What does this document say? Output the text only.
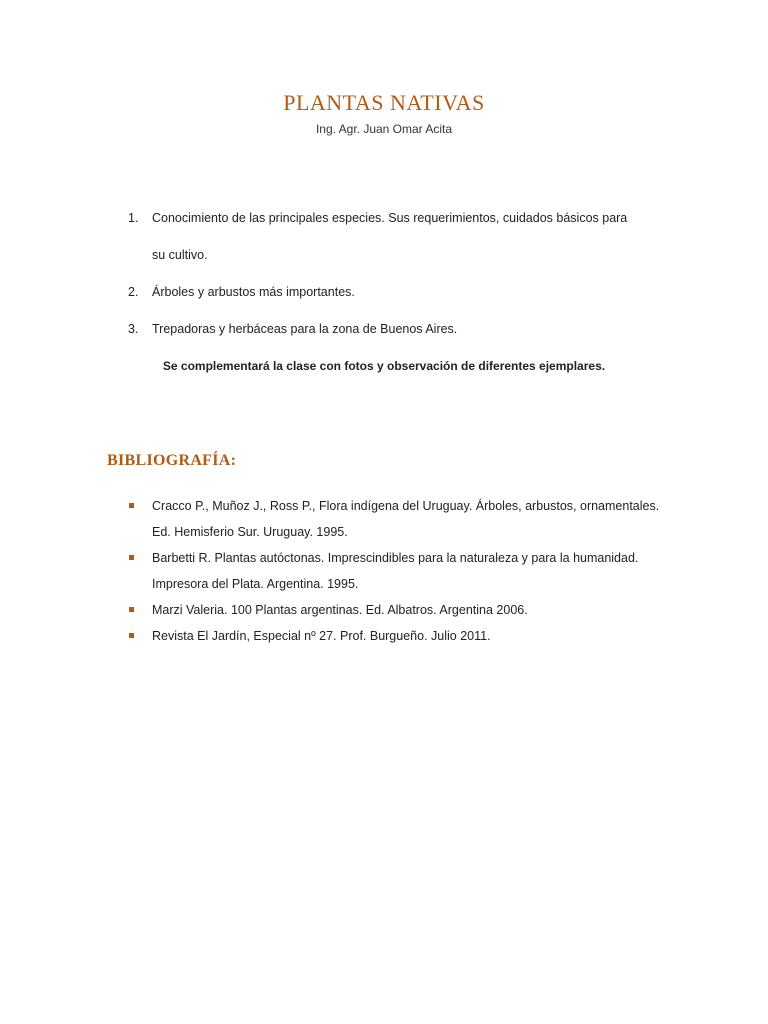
PLANTAS NATIVAS
Ing. Agr. Juan Omar Acita
1. Conocimiento de las principales especies. Sus requerimientos, cuidados básicos para
su cultivo.
2. Árboles y arbustos más importantes.
3. Trepadoras y herbáceas para la zona de Buenos Aires.
Se complementará la clase con fotos y observación de diferentes ejemplares.
BIBLIOGRAFÍA:
Cracco P., Muñoz J., Ross P., Flora indígena del Uruguay. Árboles, arbustos, ornamentales.
Ed. Hemisferio Sur. Uruguay. 1995.
Barbetti R. Plantas autóctonas. Imprescindibles para la naturaleza y para la humanidad.
Impresora del Plata. Argentina. 1995.
Marzi Valeria. 100 Plantas argentinas. Ed. Albatros. Argentina 2006.
Revista El Jardín, Especial nº 27. Prof. Burgueño. Julio 2011.
